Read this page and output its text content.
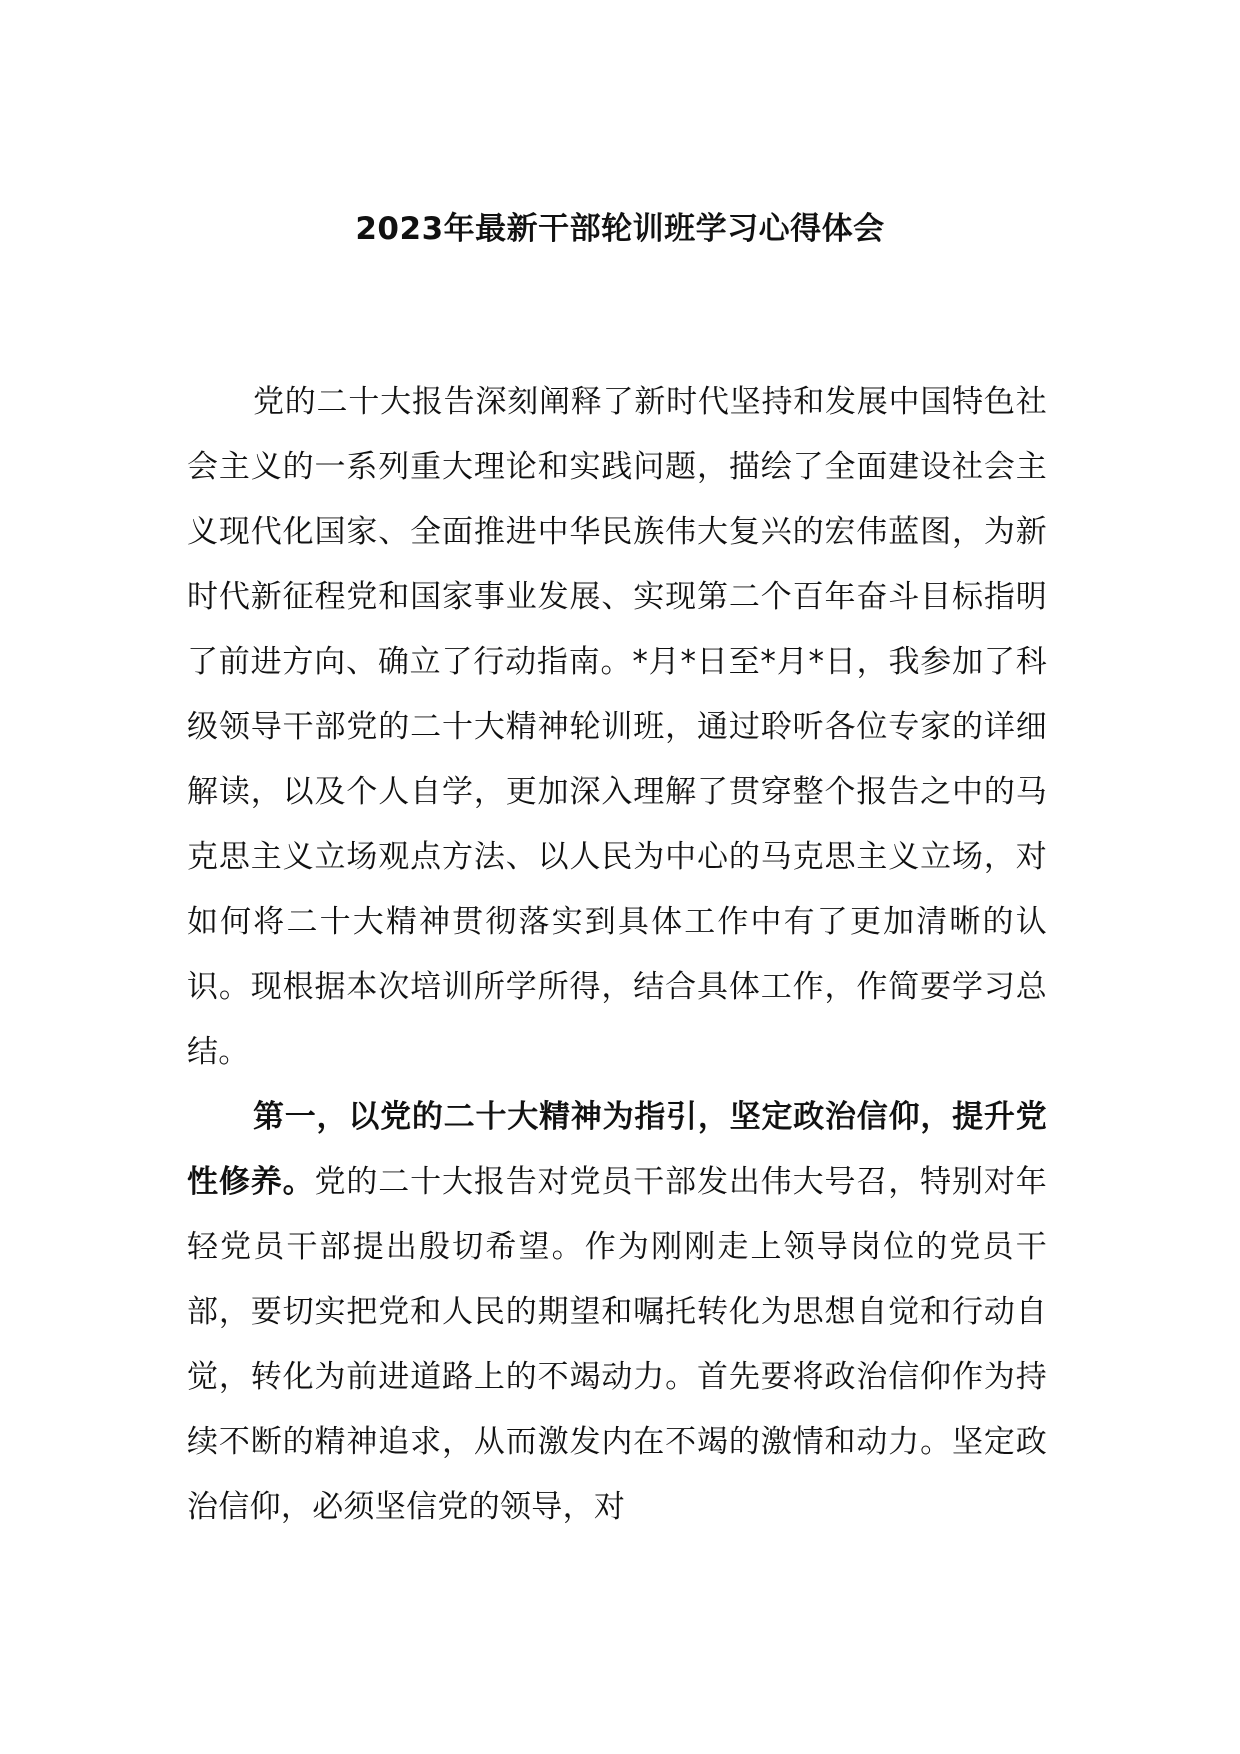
2023年最新干部轮训班学习心得体会

党的二十大报告深刻阐释了新时代坚持和发展中国特色社会主义的一系列重大理论和实践问题，描绘了全面建设社会主义现代化国家、全面推进中华民族伟大复兴的宏伟蓝图，为新时代新征程党和国家事业发展、实现第二个百年奋斗目标指明了前进方向、确立了行动指南。*月*日至*月*日，我参加了科级领导干部党的二十大精神轮训班，通过聆听各位专家的详细解读，以及个人自学，更加深入理解了贯穿整个报告之中的马克思主义立场观点方法、以人民为中心的马克思主义立场，对如何将二十大精神贯彻落实到具体工作中有了更加清晰的认识。现根据本次培训所学所得，结合具体工作，作简要学习总结。

第一，以党的二十大精神为指引，坚定政治信仰，提升党性修养。党的二十大报告对党员干部发出伟大号召，特别对年轻党员干部提出殷切希望。作为刚刚走上领导岗位的党员干部，要切实把党和人民的期望和嘱托转化为思想自觉和行动自觉，转化为前进道路上的不竭动力。首先要将政治信仰作为持续不断的精神追求，从而激发内在不竭的激情和动力。坚定政治信仰，必须坚信党的领导，对
